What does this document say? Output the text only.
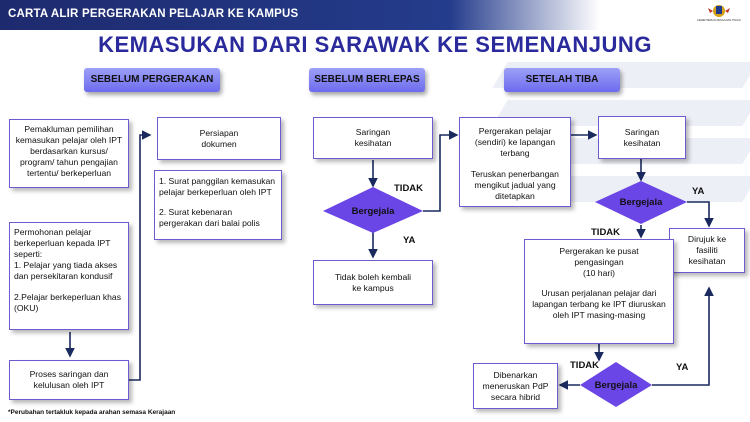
CARTA ALIR PERGERAKAN PELAJAR KE KAMPUS
KEMENTERIAN PENGAJIAN TINGGI
KEMASUKAN DARI SARAWAK KE SEMENANJUNG
SEBELUM PERGERAKAN	SEBELUM BERLEPAS	SETELAH TIBA
Pemakluman pemilihan kemasukan pelajar oleh IPT berdasarkan kursus/ program/ tahun pengajian tertentu/ berkeperluan
Permohonan pelajar berkeperluan kepada IPT seperti:
1. Pelajar yang tiada akses dan persekitaran kondusif
2.Pelajar berkeperluan khas (OKU)
Proses saringan dan kelulusan oleh IPT
Persiapan dokumen
1. Surat panggilan kemasukan pelajar berkeperluan oleh IPT
2. Surat kebenaran pergerakan dari balai polis
Saringan kesihatan
Bergejala
TIDAK
YA
Tidak boleh kembali ke kampus
Pergerakan pelajar (sendiri) ke lapangan terbang
Teruskan penerbangan mengikut jadual yang ditetapkan
Saringan kesihatan
Bergejala
YA
TIDAK
Dirujuk ke fasiliti kesihatan
Pergerakan ke pusat pengasingan
(10 hari)
Urusan perjalanan pelajar dari lapangan terbang ke IPT diuruskan oleh IPT masing-masing
Dibenarkan meneruskan PdP secara hibrid
Bergejala
TIDAK	YA
*Perubahan tertakluk kepada arahan semasa Kerajaan
